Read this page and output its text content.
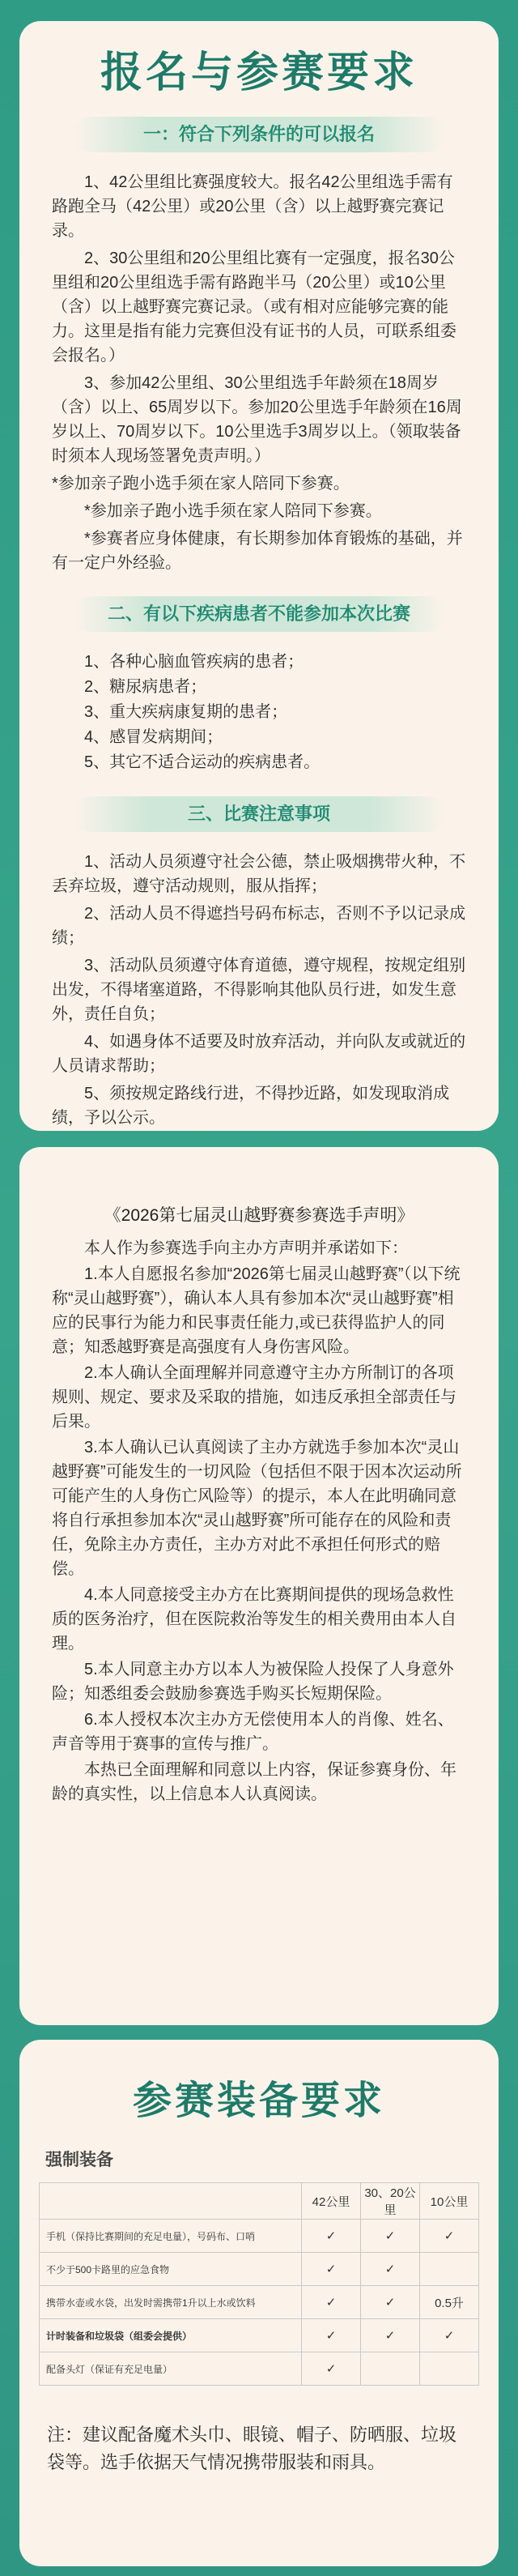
报名与参赛要求
一：符合下列条件的可以报名

1、42公里组比赛强度较大。报名42公里组选手需有路跑全马（42公里）或20公里（含）以上越野赛完赛记录。

2、30公里组和20公里组比赛有一定强度，报名30公里组和20公里组选手需有路跑半马（20公里）或10公里（含）以上越野赛完赛记录。（或有相对应能够完赛的能力。这里是指有能力完赛但没有证书的人员，可联系组委会报名。）

3、参加42公里组、30公里组选手年龄须在18周岁（含）以上、65周岁以下。参加20公里选手年龄须在16周岁以上、70周岁以下。10公里选手3周岁以上。（领取装备时须本人现场签署免责声明。）

*参加亲子跑小选手须在家人陪同下参赛。

*参加亲子跑小选手须在家人陪同下参赛。

*参赛者应身体健康，有长期参加体育锻炼的基础，并有一定户外经验。

二、有以下疾病患者不能参加本次比赛

1、各种心脑血管疾病的患者；

2、糖尿病患者；

3、重大疾病康复期的患者；

4、感冒发病期间；

5、其它不适合运动的疾病患者。

三、比赛注意事项

1、活动人员须遵守社会公德，禁止吸烟携带火种，不丢弃垃圾，遵守活动规则，服从指挥；

2、活动人员不得遮挡号码布标志，否则不予以记录成绩；

3、活动队员须遵守体育道德，遵守规程，按规定组别出发，不得堵塞道路，不得影响其他队员行进，如发生意外，责任自负；

4、如遇身体不适要及时放弃活动，并向队友或就近的人员请求帮助；

5、须按规定路线行进，不得抄近路，如发现取消成绩，予以公示。

《2026第七届灵山越野赛参赛选手声明》

本人作为参赛选手向主办方声明并承诺如下：

1.本人自愿报名参加“2026第七届灵山越野赛”（以下统称“灵山越野赛”），确认本人具有参加本次“灵山越野赛”相应的民事行为能力和民事责任能力,或已获得监护人的同意；知悉越野赛是高强度有人身伤害风险。

2.本人确认全面理解并同意遵守主办方所制订的各项规则、规定、要求及采取的措施，如违反承担全部责任与后果。

3.本人确认已认真阅读了主办方就选手参加本次“灵山越野赛”可能发生的一切风险（包括但不限于因本次运动所可能产生的人身伤亡风险等）的提示，本人在此明确同意将自行承担参加本次“灵山越野赛”所可能存在的风险和责任，免除主办方责任，主办方对此不承担任何形式的赔偿。

4.本人同意接受主办方在比赛期间提供的现场急救性质的医务治疗，但在医院救治等发生的相关费用由本人自理。

5.本人同意主办方以本人为被保险人投保了人身意外险；知悉组委会鼓励参赛选手购买长短期保险。

6.本人授权本次主办方无偿使用本人的肖像、姓名、声音等用于赛事的宣传与推广。

本热已全面理解和同意以上内容，保证参赛身份、年龄的真实性，以上信息本人认真阅读。

参赛装备要求
强制装备
	42公里	30、20公里	10公里
手机（保持比赛期间的充足电量），号码布、口哨	✓	✓	✓
不少于500卡路里的应急食物	✓	✓	
携带水壶或水袋，出发时需携带1升以上水或饮料	✓	✓	0.5升
计时装备和垃圾袋（组委会提供）	✓	✓	✓
配备头灯（保证有充足电量）	✓		
注：建议配备魔术头巾、眼镜、帽子、防晒服、垃圾袋等。选手依据天气情况携带服装和雨具。
